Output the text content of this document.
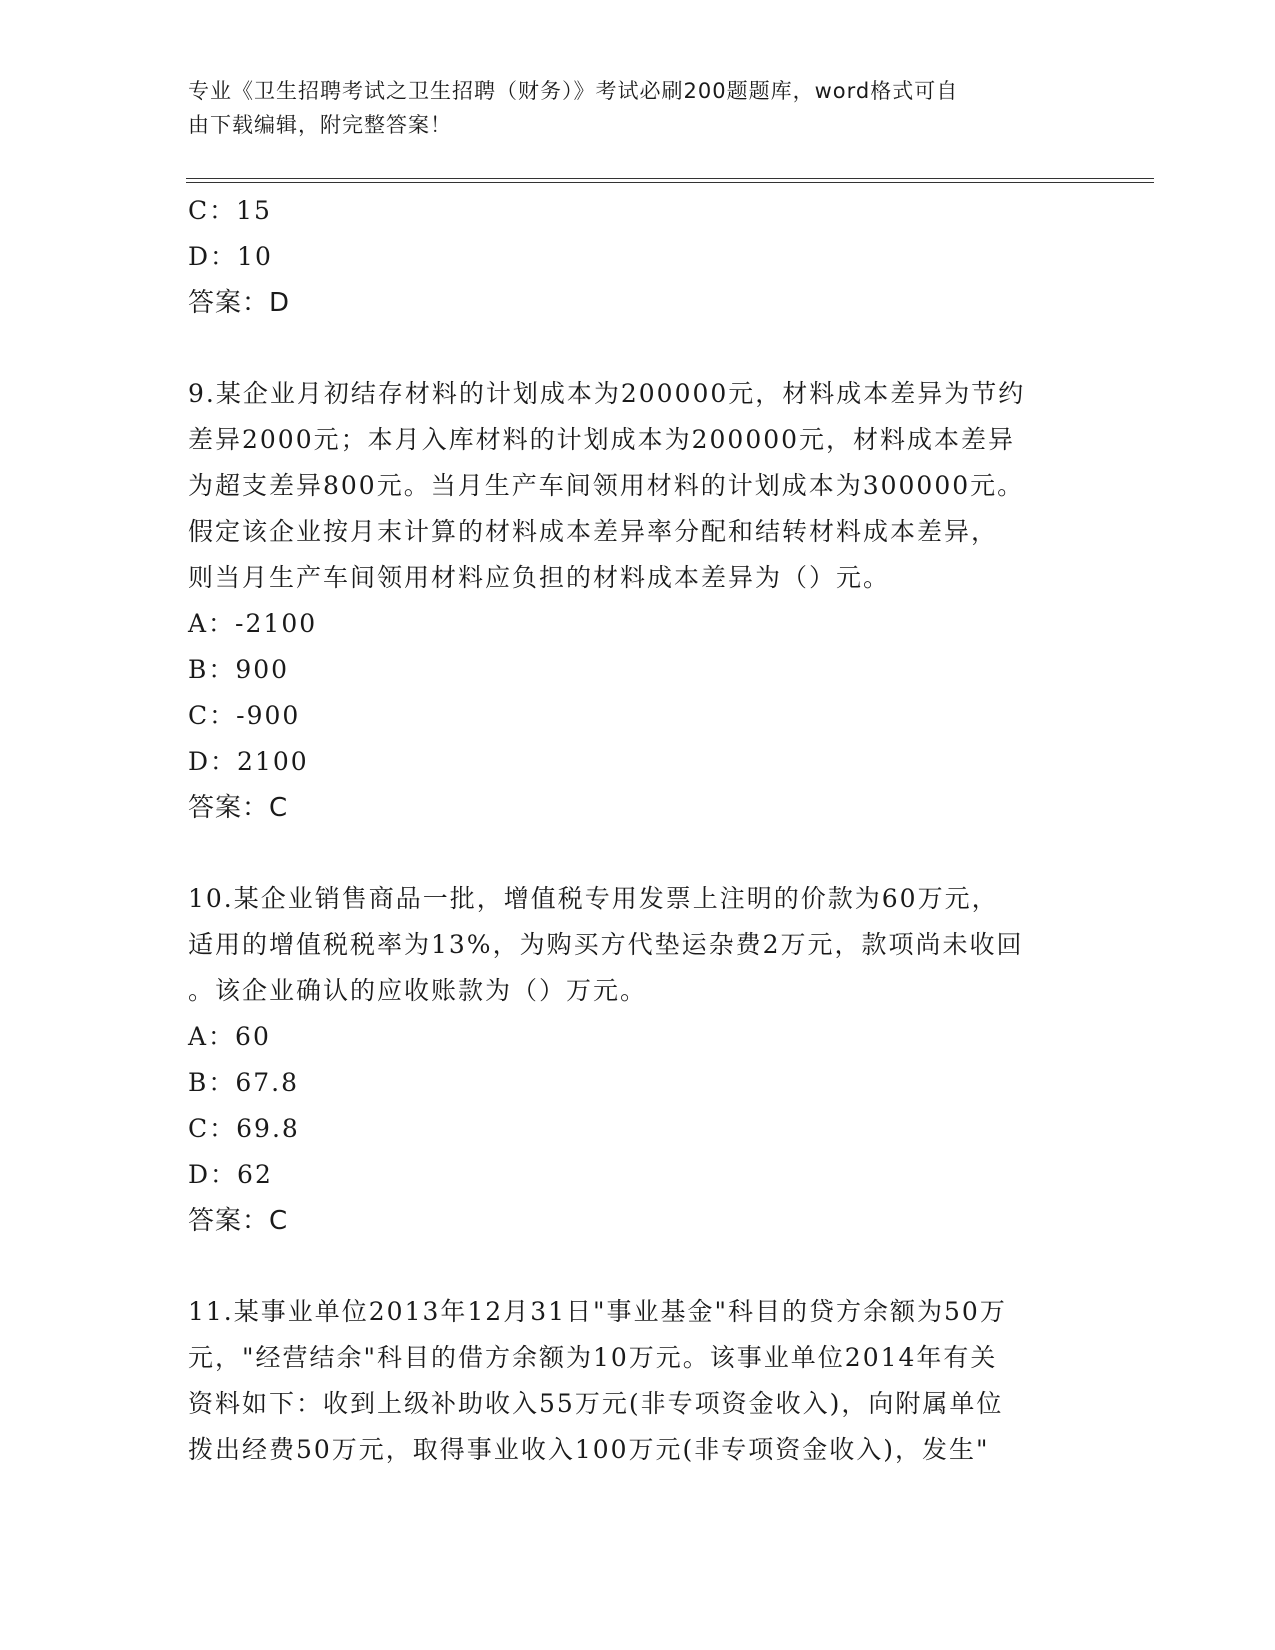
专业《卫生招聘考试之卫生招聘（财务）》考试必刷200题题库，word格式可自
由下载编辑，附完整答案！
C：15
D：10
答案：D
9.某企业月初结存材料的计划成本为200000元，材料成本差异为节约
差异2000元；本月入库材料的计划成本为200000元，材料成本差异
为超支差异800元。当月生产车间领用材料的计划成本为300000元。
假定该企业按月末计算的材料成本差异率分配和结转材料成本差异，
则当月生产车间领用材料应负担的材料成本差异为（）元。
A：-2100
B：900
C：-900
D：2100
答案：C
10.某企业销售商品一批，增值税专用发票上注明的价款为60万元，
适用的增值税税率为13%，为购买方代垫运杂费2万元，款项尚未收回
。该企业确认的应收账款为（）万元。
A：60
B：67.8
C：69.8
D：62
答案：C
11.某事业单位2013年12月31日"事业基金"科目的贷方余额为50万
元，"经营结余"科目的借方余额为10万元。该事业单位2014年有关
资料如下：收到上级补助收入55万元(非专项资金收入)，向附属单位
拨出经费50万元，取得事业收入100万元(非专项资金收入)，发生"
